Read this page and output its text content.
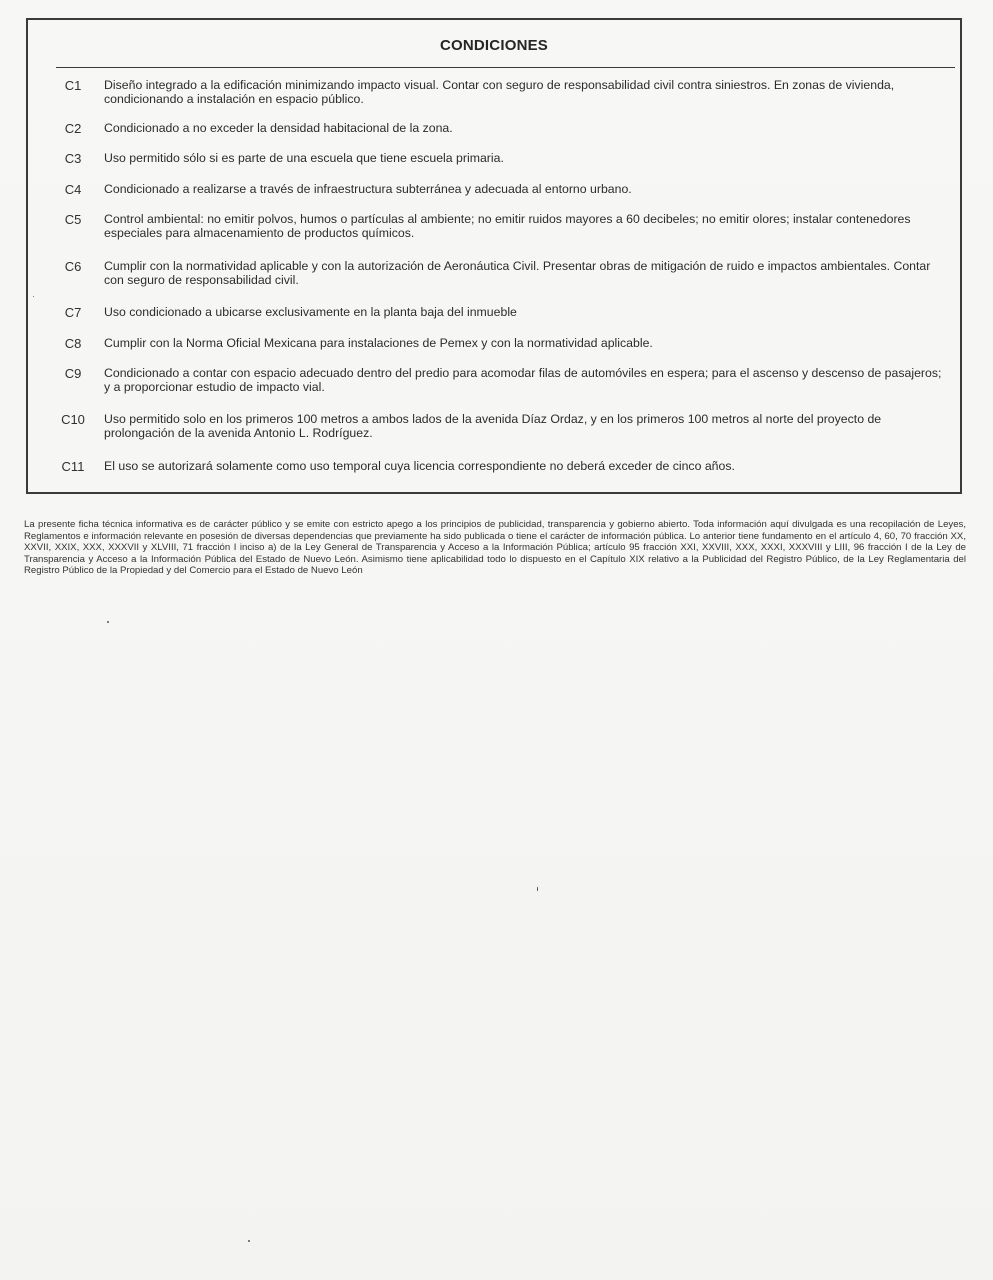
CONDICIONES
C1	Diseño integrado a la edificación minimizando impacto visual. Contar con seguro de responsabilidad civil contra siniestros. En zonas de vivienda, condicionando a instalación en espacio público.
C2	Condicionado a no exceder la densidad habitacional de la zona.
C3	Uso permitido sólo si es parte de una escuela que tiene escuela primaria.
C4	Condicionado a realizarse a través de infraestructura subterránea y adecuada al entorno urbano.
C5	Control ambiental: no emitir polvos, humos o partículas al ambiente; no emitir ruidos mayores a 60 decibeles; no emitir olores; instalar contenedores especiales para almacenamiento de productos químicos.
C6	Cumplir con la normatividad aplicable y con la autorización de Aeronáutica Civil. Presentar obras de mitigación de ruido e impactos ambientales. Contar con seguro de responsabilidad civil.
C7	Uso condicionado a ubicarse exclusivamente en la planta baja del inmueble
C8	Cumplir con la Norma Oficial Mexicana para instalaciones de Pemex y con la normatividad aplicable.
C9	Condicionado a contar con espacio adecuado dentro del predio para acomodar filas de automóviles en espera; para el ascenso y descenso de pasajeros; y a proporcionar estudio de impacto vial.
C10	Uso permitido solo en los primeros 100 metros a ambos lados de la avenida Díaz Ordaz, y en los primeros 100 metros al norte del proyecto de prolongación de la avenida Antonio L. Rodríguez.
C11	El uso se autorizará solamente como uso temporal cuya licencia correspondiente no deberá exceder de cinco años.
La presente ficha técnica informativa es de carácter público y se emite con estricto apego a los principios de publicidad, transparencia y gobierno abierto. Toda información aquí divulgada es una recopilación de Leyes, Reglamentos e información relevante en posesión de diversas dependencias que previamente ha sido publicada o tiene el carácter de información pública. Lo anterior tiene fundamento en el artículo 4, 60, 70 fracción XX, XXVII, XXIX, XXX, XXXVII y XLVIII, 71 fracción I inciso a) de la Ley General de Transparencia y Acceso a la Información Pública; artículo 95 fracción XXI, XXVIII, XXX, XXXI, XXXVIII y LIII, 96 fracción I de la Ley de Transparencia y Acceso a la Información Pública del Estado de Nuevo León. Asimismo tiene aplicabilidad todo lo dispuesto en el Capítulo XIX relativo a la Publicidad del Registro Público, de la Ley Reglamentaria del Registro Público de la Propiedad y del Comercio para el Estado de Nuevo León
